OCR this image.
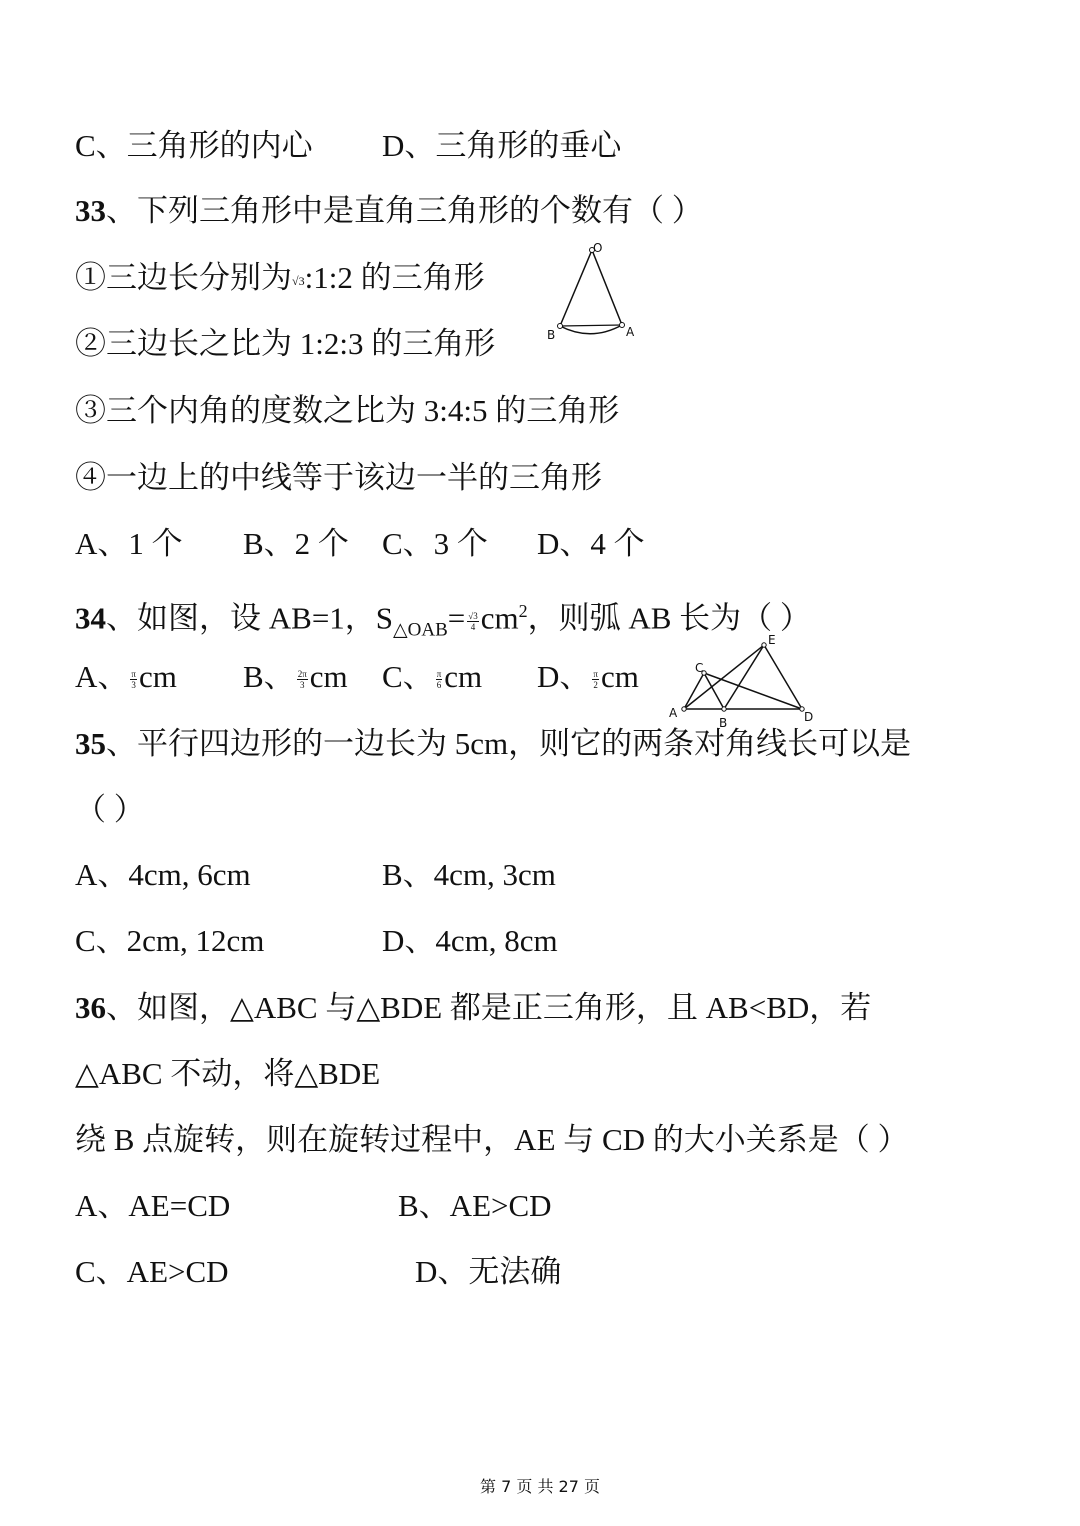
C、三角形的内心 D、三角形的垂心
33、下列三角形中是直角三角形的个数有（ ）
①三边长分别为√3:1:2 的三角形
②三边长之比为 1:2:3 的三角形
③三个内角的度数之比为 3:4:5 的三角形
④一边上的中线等于该边一半的三角形
A、1 个 B、2 个 C、3 个 D、4 个
O
B	A
34、如图，设 AB=1，$S_{\triangle OAB}= \frac{√3}{4} cm^2$，则弧 AB 长为（ ）
A、 $\frac{\pi}{3}$ cm B、 $\frac{2\pi}{3}$ cm C、 $\frac{\pi}{6}$ cm D、 $\frac{\pi}{2}$ cm
A
B
C
D
E
35、平行四边形的一边长为 5cm，则它的两条对角线长可以是
（ ）
A、4cm, 6cm	B、4cm, 3cm
C、2cm, 12cm	D、4cm, 8cm
36、如图，△ABC 与△BDE 都是正三角形，且 AB<BD，若
△ABC 不动，将△BDE
绕 B 点旋转，则在旋转过程中，AE 与 CD 的大小关系是（ ）
A、AE=CD	B、AE>CD
C、AE>CD	D、无法确
第 7 页 共 27 页
